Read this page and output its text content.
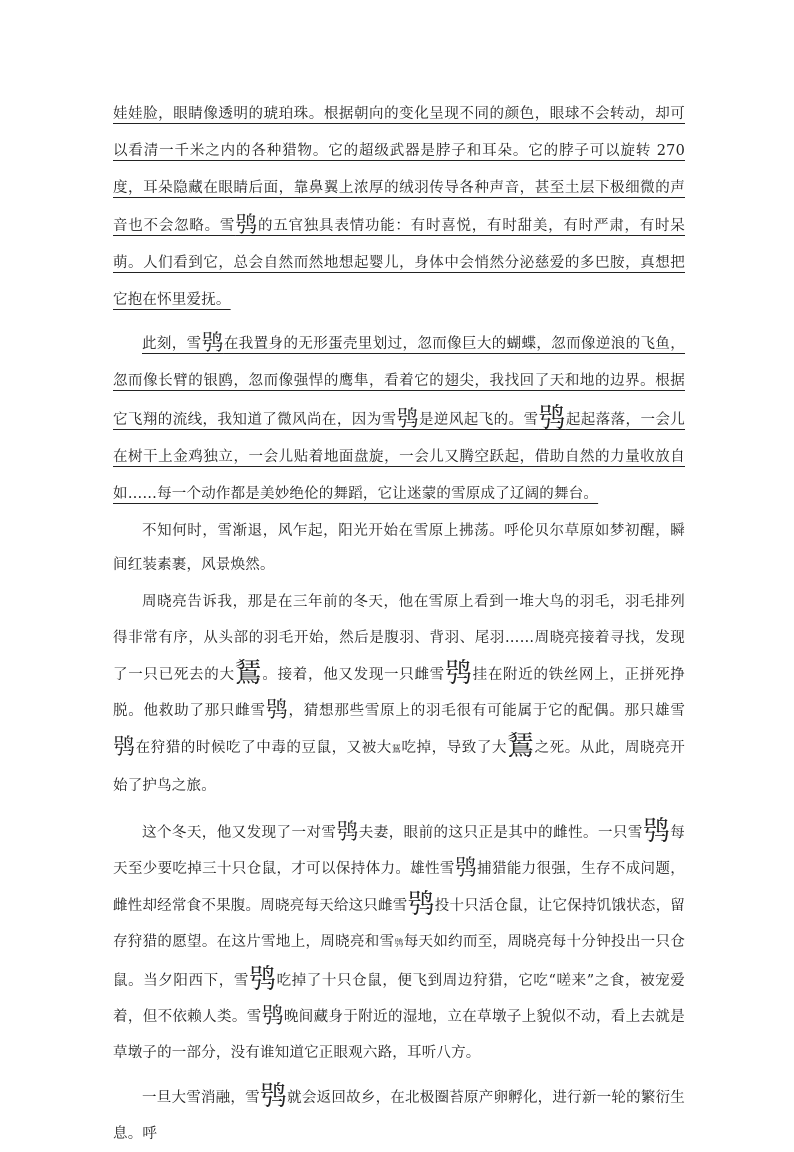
娃娃脸，眼睛像透明的琥珀珠。根据朝向的变化呈现不同的颜色，眼球不会转动，却可以看清一千米之内的各种猎物。它的超级武器是脖子和耳朵。它的脖子可以旋转 270 度，耳朵隐藏在眼睛后面，靠鼻翼上浓厚的绒羽传导各种声音，甚至土层下极细微的声音也不会忽略。雪鸮的五官独具表情功能：有时喜悦，有时甜美，有时严肃，有时呆萌。人们看到它，总会自然而然地想起婴儿，身体中会悄然分泌慈爱的多巴胺，真想把它抱在怀里爱抚。

此刻，雪鸮在我置身的无形蛋壳里划过，忽而像巨大的蝴蝶，忽而像逆浪的飞鱼，忽而像长臂的银鸥，忽而像强悍的鹰隼，看着它的翅尖，我找回了天和地的边界。根据它飞翔的流线，我知道了微风尚在，因为雪鸮是逆风起飞的。雪鸮起起落落，一会儿在树干上金鸡独立，一会儿贴着地面盘旋，一会儿又腾空跃起，借助自然的力量收放自如……每一个动作都是美妙绝伦的舞蹈，它让迷蒙的雪原成了辽阔的舞台。

不知何时，雪渐退，风乍起，阳光开始在雪原上拂荡。呼伦贝尔草原如梦初醒，瞬间红装素裹，风景焕然。

周晓亮告诉我，那是在三年前的冬天，他在雪原上看到一堆大鸟的羽毛，羽毛排列得非常有序，从头部的羽毛开始，然后是腹羽、背羽、尾羽……周晓亮接着寻找，发现了一只已死去的大鵟。接着，他又发现一只雌雪鸮挂在附近的铁丝网上，正拼死挣脱。他救助了那只雌雪鸮，猜想那些雪原上的羽毛很有可能属于它的配偶。那只雄雪鸮在狩猎的时候吃了中毒的豆鼠，又被大鵟吃掉，导致了大鵟之死。从此，周晓亮开始了护鸟之旅。

这个冬天，他又发现了一对雪鸮夫妻，眼前的这只正是其中的雌性。一只雪鸮每天至少要吃掉三十只仓鼠，才可以保持体力。雄性雪鸮捕猎能力很强，生存不成问题，雌性却经常食不果腹。周晓亮每天给这只雌雪鸮投十只活仓鼠，让它保持饥饿状态，留存狩猎的愿望。在这片雪地上，周晓亮和雪鸮每天如约而至，周晓亮每十分钟投出一只仓鼠。当夕阳西下，雪鸮吃掉了十只仓鼠，便飞到周边狩猎，它吃“嗟来”之食，被宠爱着，但不依赖人类。雪鸮晚间藏身于附近的湿地，立在草墩子上貌似不动，看上去就是草墩子的一部分，没有谁知道它正眼观六路，耳听八方。

一旦大雪消融，雪鸮就会返回故乡，在北极圈苔原产卵孵化，进行新一轮的繁衍生息。呼
